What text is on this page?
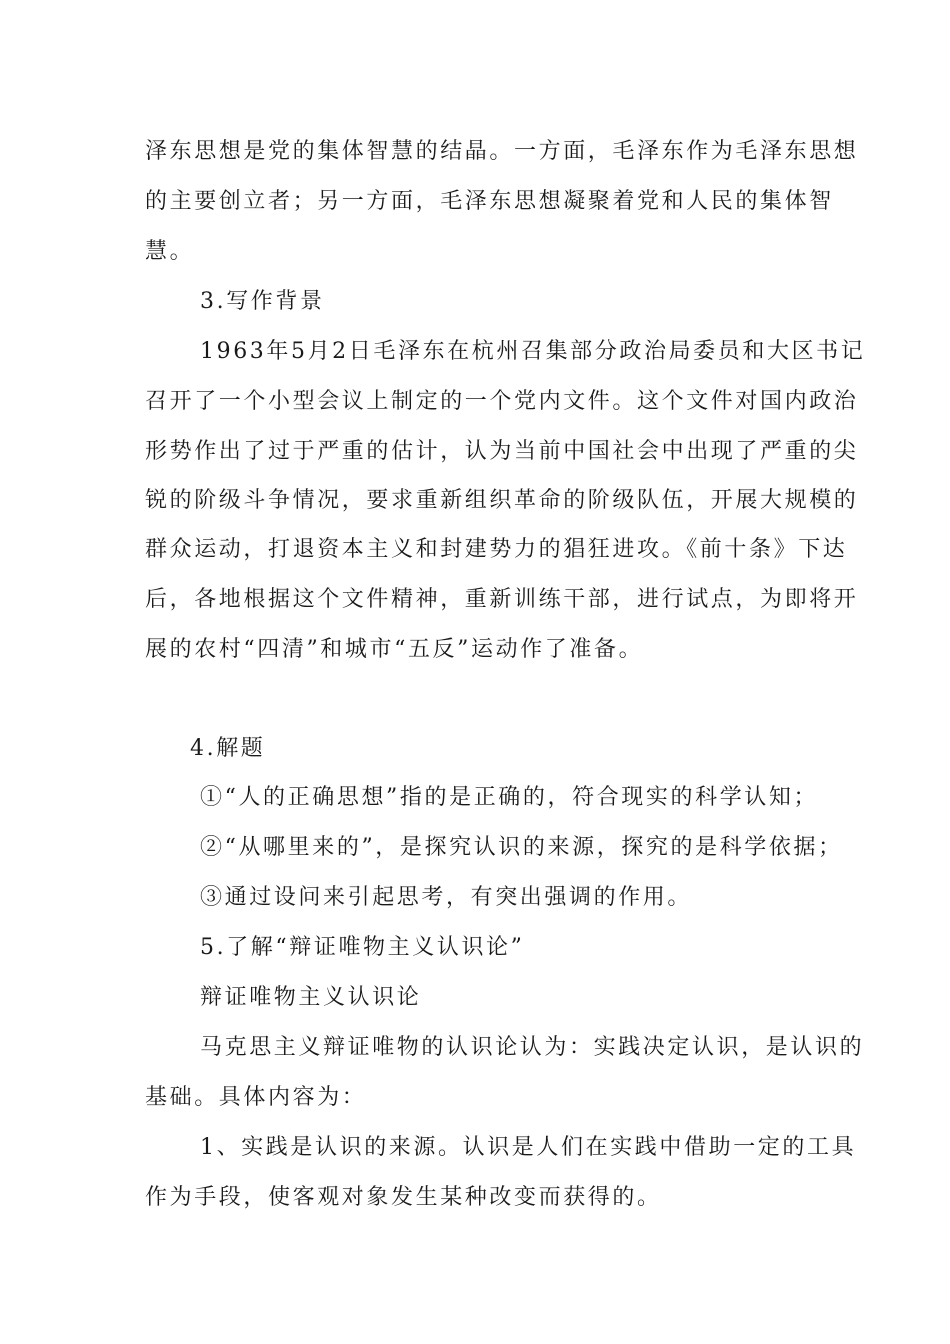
泽东思想是党的集体智慧的结晶。一方面，毛泽东作为毛泽东思想
的主要创立者；另一方面，毛泽东思想凝聚着党和人民的集体智
慧。
3.写作背景
1963年5月2日毛泽东在杭州召集部分政治局委员和大区书记
召开了一个小型会议上制定的一个党内文件。这个文件对国内政治
形势作出了过于严重的估计，认为当前中国社会中出现了严重的尖
锐的阶级斗争情况，要求重新组织革命的阶级队伍，开展大规模的
群众运动，打退资本主义和封建势力的猖狂进攻。《前十条》下达
后，各地根据这个文件精神，重新训练干部，进行试点，为即将开
展的农村“四清”和城市“五反”运动作了准备。
4.解题
①“人的正确思想”指的是正确的，符合现实的科学认知；
②“从哪里来的”，是探究认识的来源，探究的是科学依据；
③通过设问来引起思考，有突出强调的作用。
5.了解“辩证唯物主义认识论”
辩证唯物主义认识论
马克思主义辩证唯物的认识论认为：实践决定认识，是认识的
基础。具体内容为：
1、实践是认识的来源。认识是人们在实践中借助一定的工具
作为手段，使客观对象发生某种改变而获得的。
